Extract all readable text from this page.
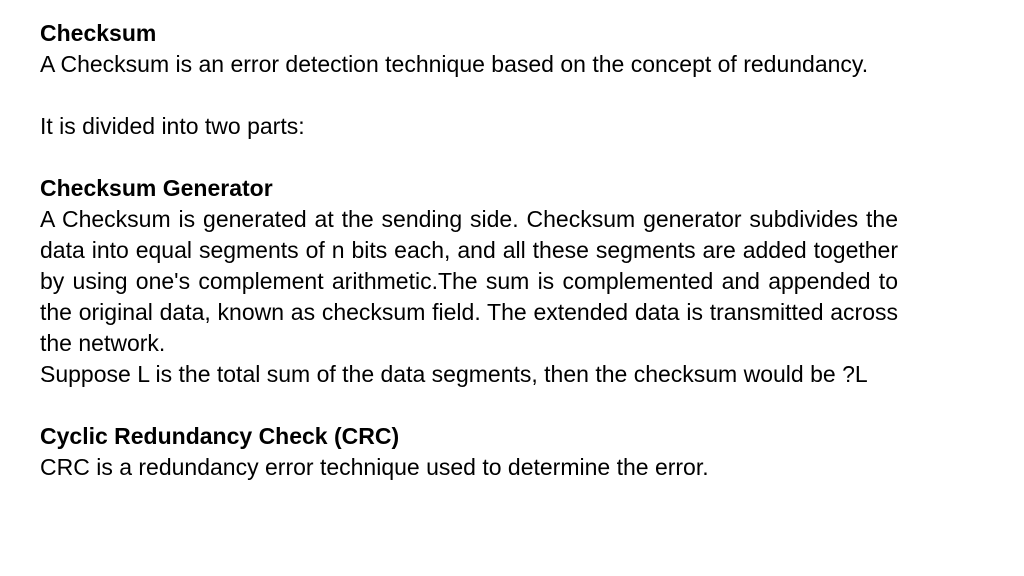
Checksum

A Checksum is an error detection technique based on the concept of redundancy.

It is divided into two parts:

Checksum Generator

A Checksum is generated at the sending side. Checksum generator subdivides the data into equal segments of n bits each, and all these segments are added together by using one's complement arithmetic.The sum is complemented and appended to the original data, known as checksum field. The extended data is transmitted across the network.

Suppose L is the total sum of the data segments, then the checksum would be ?L

Cyclic Redundancy Check (CRC)

CRC is a redundancy error technique used to determine the error.
